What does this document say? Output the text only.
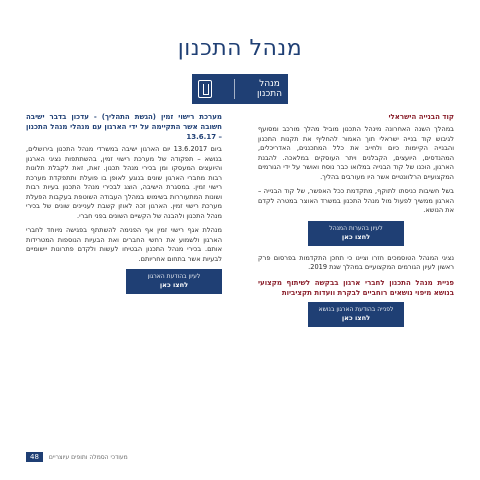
מנהל התכנון
מנהל
התכנון
קוד הבנייה הישראלי

במהלך השנה האחרונה מינהל התכנון מוביל מהלך מורכב ומסועף לגיבוש קוד בנייה ישראלי תוך האמור להחליף את תקנות התכנון והבנייה הקיימות כיום ולחייב את כלל המתכננים, האדריכלים, המהנדסים, היועצים, הקבלנים ויתר העוסקים במלאכה. להבנת הארגון, הוכנו של קוד הבנייה במלואו כבר נוסח ואושר על ידי הגורמים המקצועיים הרלוונטיים אשר היו מעורבים בהליך.

בשל חשיבות כניסתו לתוקף, מתקדמת ככל האפשר, של קוד הבנייה – הארגון ממשיך לפעול מול מנהל התכנון במשרד האוצר במטרה לקדם את הנושא.

לעיון בהערות המנהל
לחצו כאן

נציגי המנהל הטוסמכים חזרו וציינו כי תחכן התקדמות בפרסום פרק ראשון לעיון הגורמים המקצועיים במהלך שנת 2019.

פניית מנהל התכנון לחברי ארגון בבקשה לשיתוף מקצועי בנושא מיפוי נושאים רוחביים לבקרת וועדות תקציביות
לפנייה בהודעת הארגון בנושא
לחצו כאן
מערכת רישוי זמין (הגשת התהליך) - עדכון בדבר ישיבה חשובה אשר התקיימה על ידי הארגון עם מנהלי מנהל התכנון – 13.6.17

ביום 13.6.2017 יום הארגון ישיבה במשרדי מנהל התכנון בירושלים, בנושא – תפקודה של מערכת רישוי זמין, בהשתתפות נציגי הארגון והיועצים המעסקו ומן בכירי מנהל תכנון. זאת, זאת לקבלת תלונות רבות מחברי הארגון שונים בנוגע לאופן בו פועלת ותתפקדת מערכת רישוי זמין. במסגרת הישיבה, הוצג לבכירי מנהל התכנון בעיות רבות ושונות המתעוררות בשימוש במהלך העבודה השוטפת בעקבות הפעלת מערכת רישוי זמין. הארגון זכה לאוזן קשבת לעניינים שונים של בכירי מנהל התכנון ולהבנה של הקשיים השונים בפני חברי.

מנהלת אגף רישוי זמין אף הפנימה להשתתף בפגישה מיוחד לחברי הארגון ולשמוע את רחשי החברים ואת הבעיות הנוספות המטרידות אותם. בכירי מנהל התכנון הבטיחו לעשות ולקדם פתרונות יישומיים לבעיות אשר בתחום אחריותם.

לעיון בהודעת הארגון
לחצו כאן
48	מעודכי הסמלה ותופים עיוצריים
